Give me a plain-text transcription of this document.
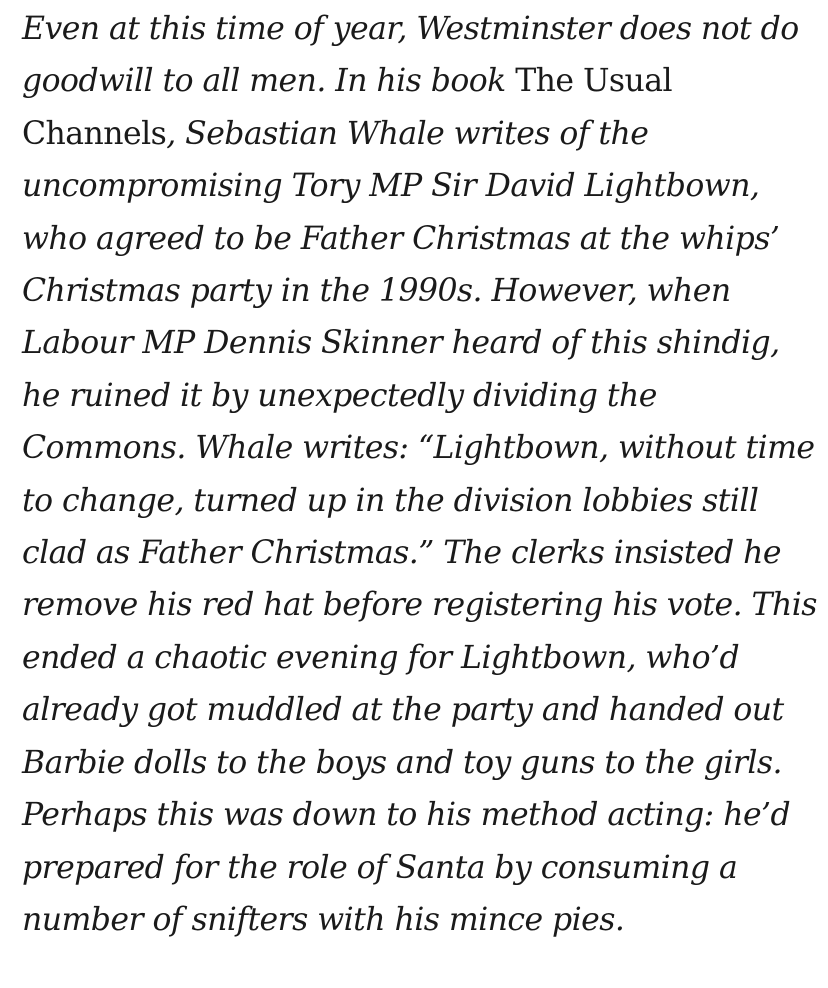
Even at this time of year, Westminster does not do goodwill to all men. In his book The Usual Channels, Sebastian Whale writes of the uncompromising Tory MP Sir David Lightbown, who agreed to be Father Christmas at the whips’ Christmas party in the 1990s. However, when Labour MP Dennis Skinner heard of this shindig, he ruined it by unexpectedly dividing the Commons. Whale writes: “Lightbown, without time to change, turned up in the division lobbies still clad as Father Christmas.” The clerks insisted he remove his red hat before registering his vote. This ended a chaotic evening for Lightbown, who’d already got muddled at the party and handed out Barbie dolls to the boys and toy guns to the girls. Perhaps this was down to his method acting: he’d prepared for the role of Santa by consuming a number of snifters with his mince pies.
